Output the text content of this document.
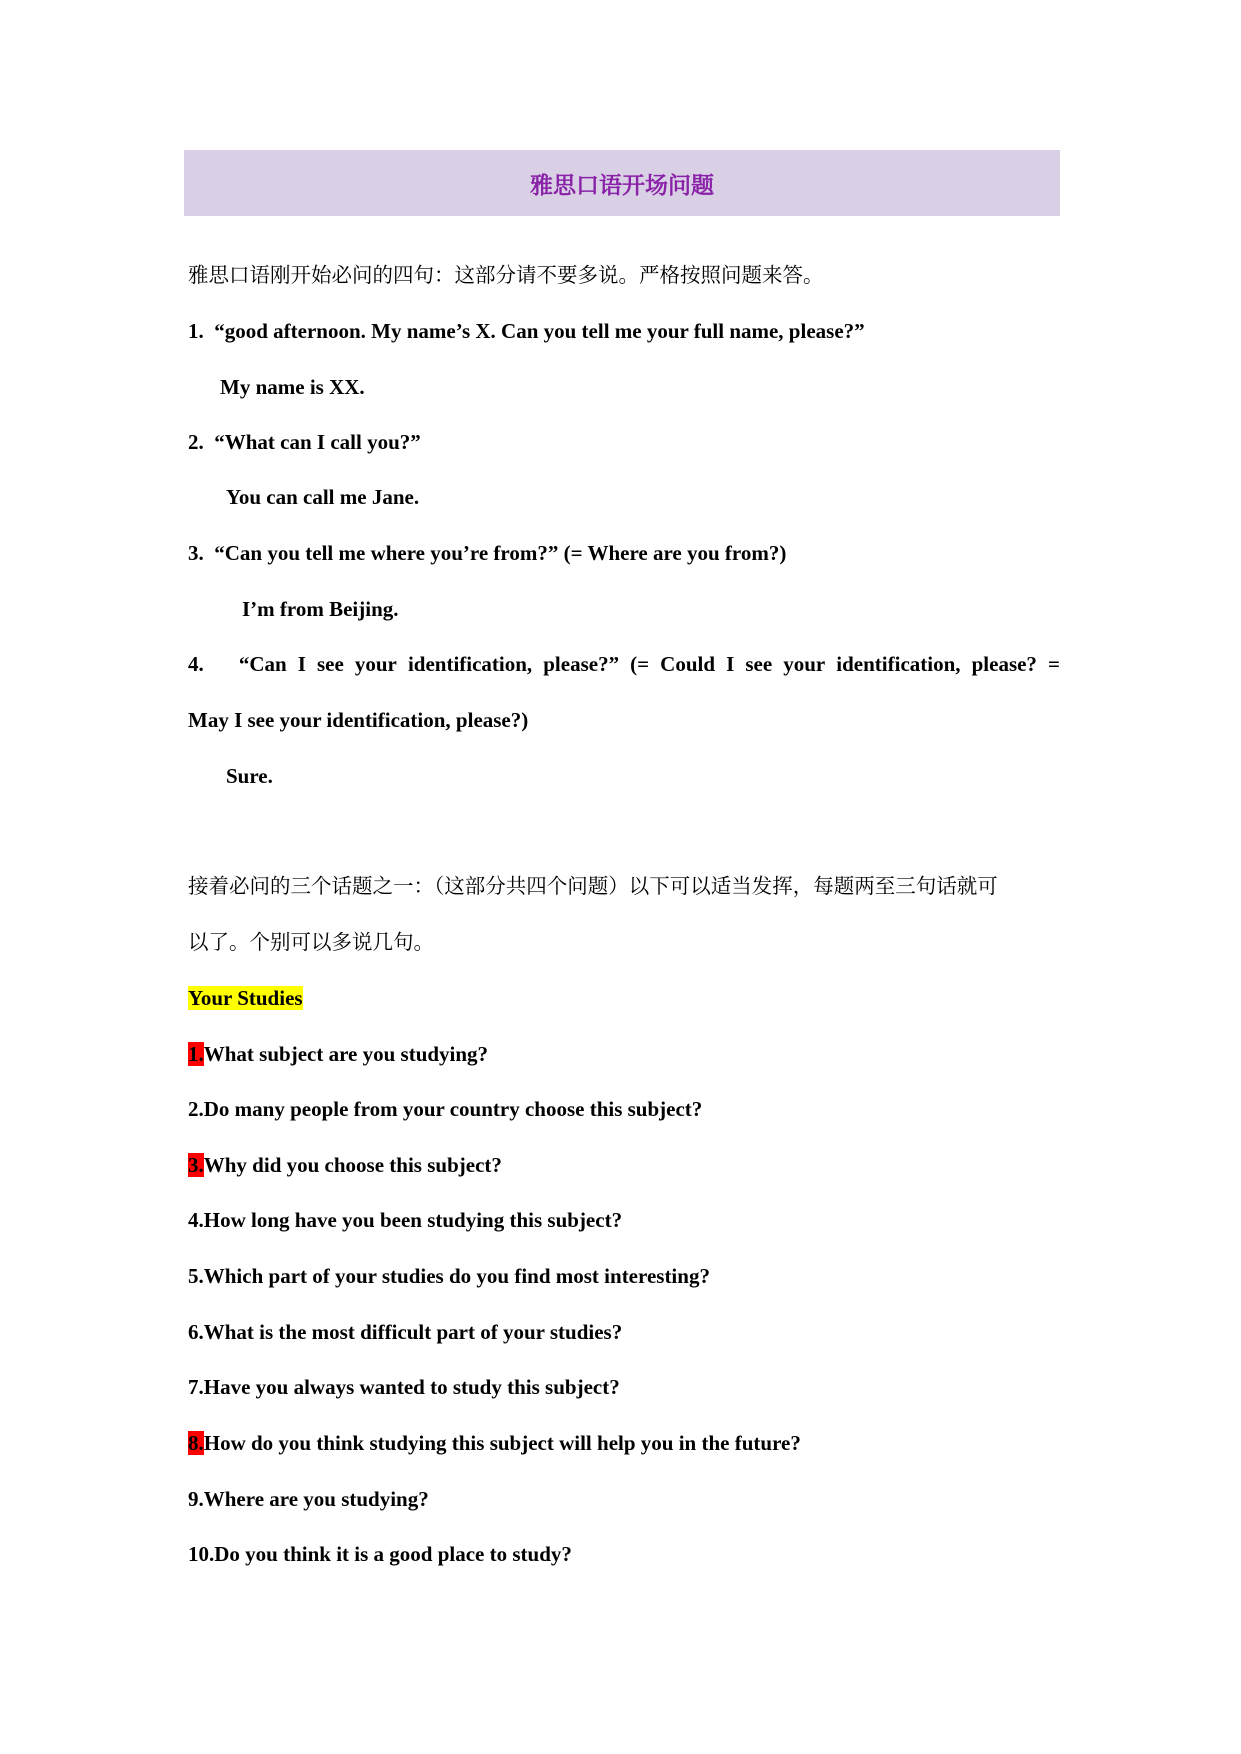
雅思口语开场问题
雅思口语刚开始必问的四句：这部分请不要多说。严格按照问题来答。
1. “good afternoon. My name’s X. Can you tell me your full name, please?”
My name is XX.
2. “What can I call you?”
You can call me Jane.
3. “Can you tell me where you’re from?” (= Where are you from?)
I’m from Beijing.
4. “Can I see your identification, please?” (= Could I see your identification, please? =
May I see your identification, please?)
Sure.
接着必问的三个话题之一：（这部分共四个问题）以下可以适当发挥，每题两至三句话就可
以了。个别可以多说几句。
Your Studies
1.What subject are you studying?
2.Do many people from your country choose this subject?
3.Why did you choose this subject?
4.How long have you been studying this subject?
5.Which part of your studies do you find most interesting?
6.What is the most difficult part of your studies?
7.Have you always wanted to study this subject?
8.How do you think studying this subject will help you in the future?
9.Where are you studying?
10.Do you think it is a good place to study?
